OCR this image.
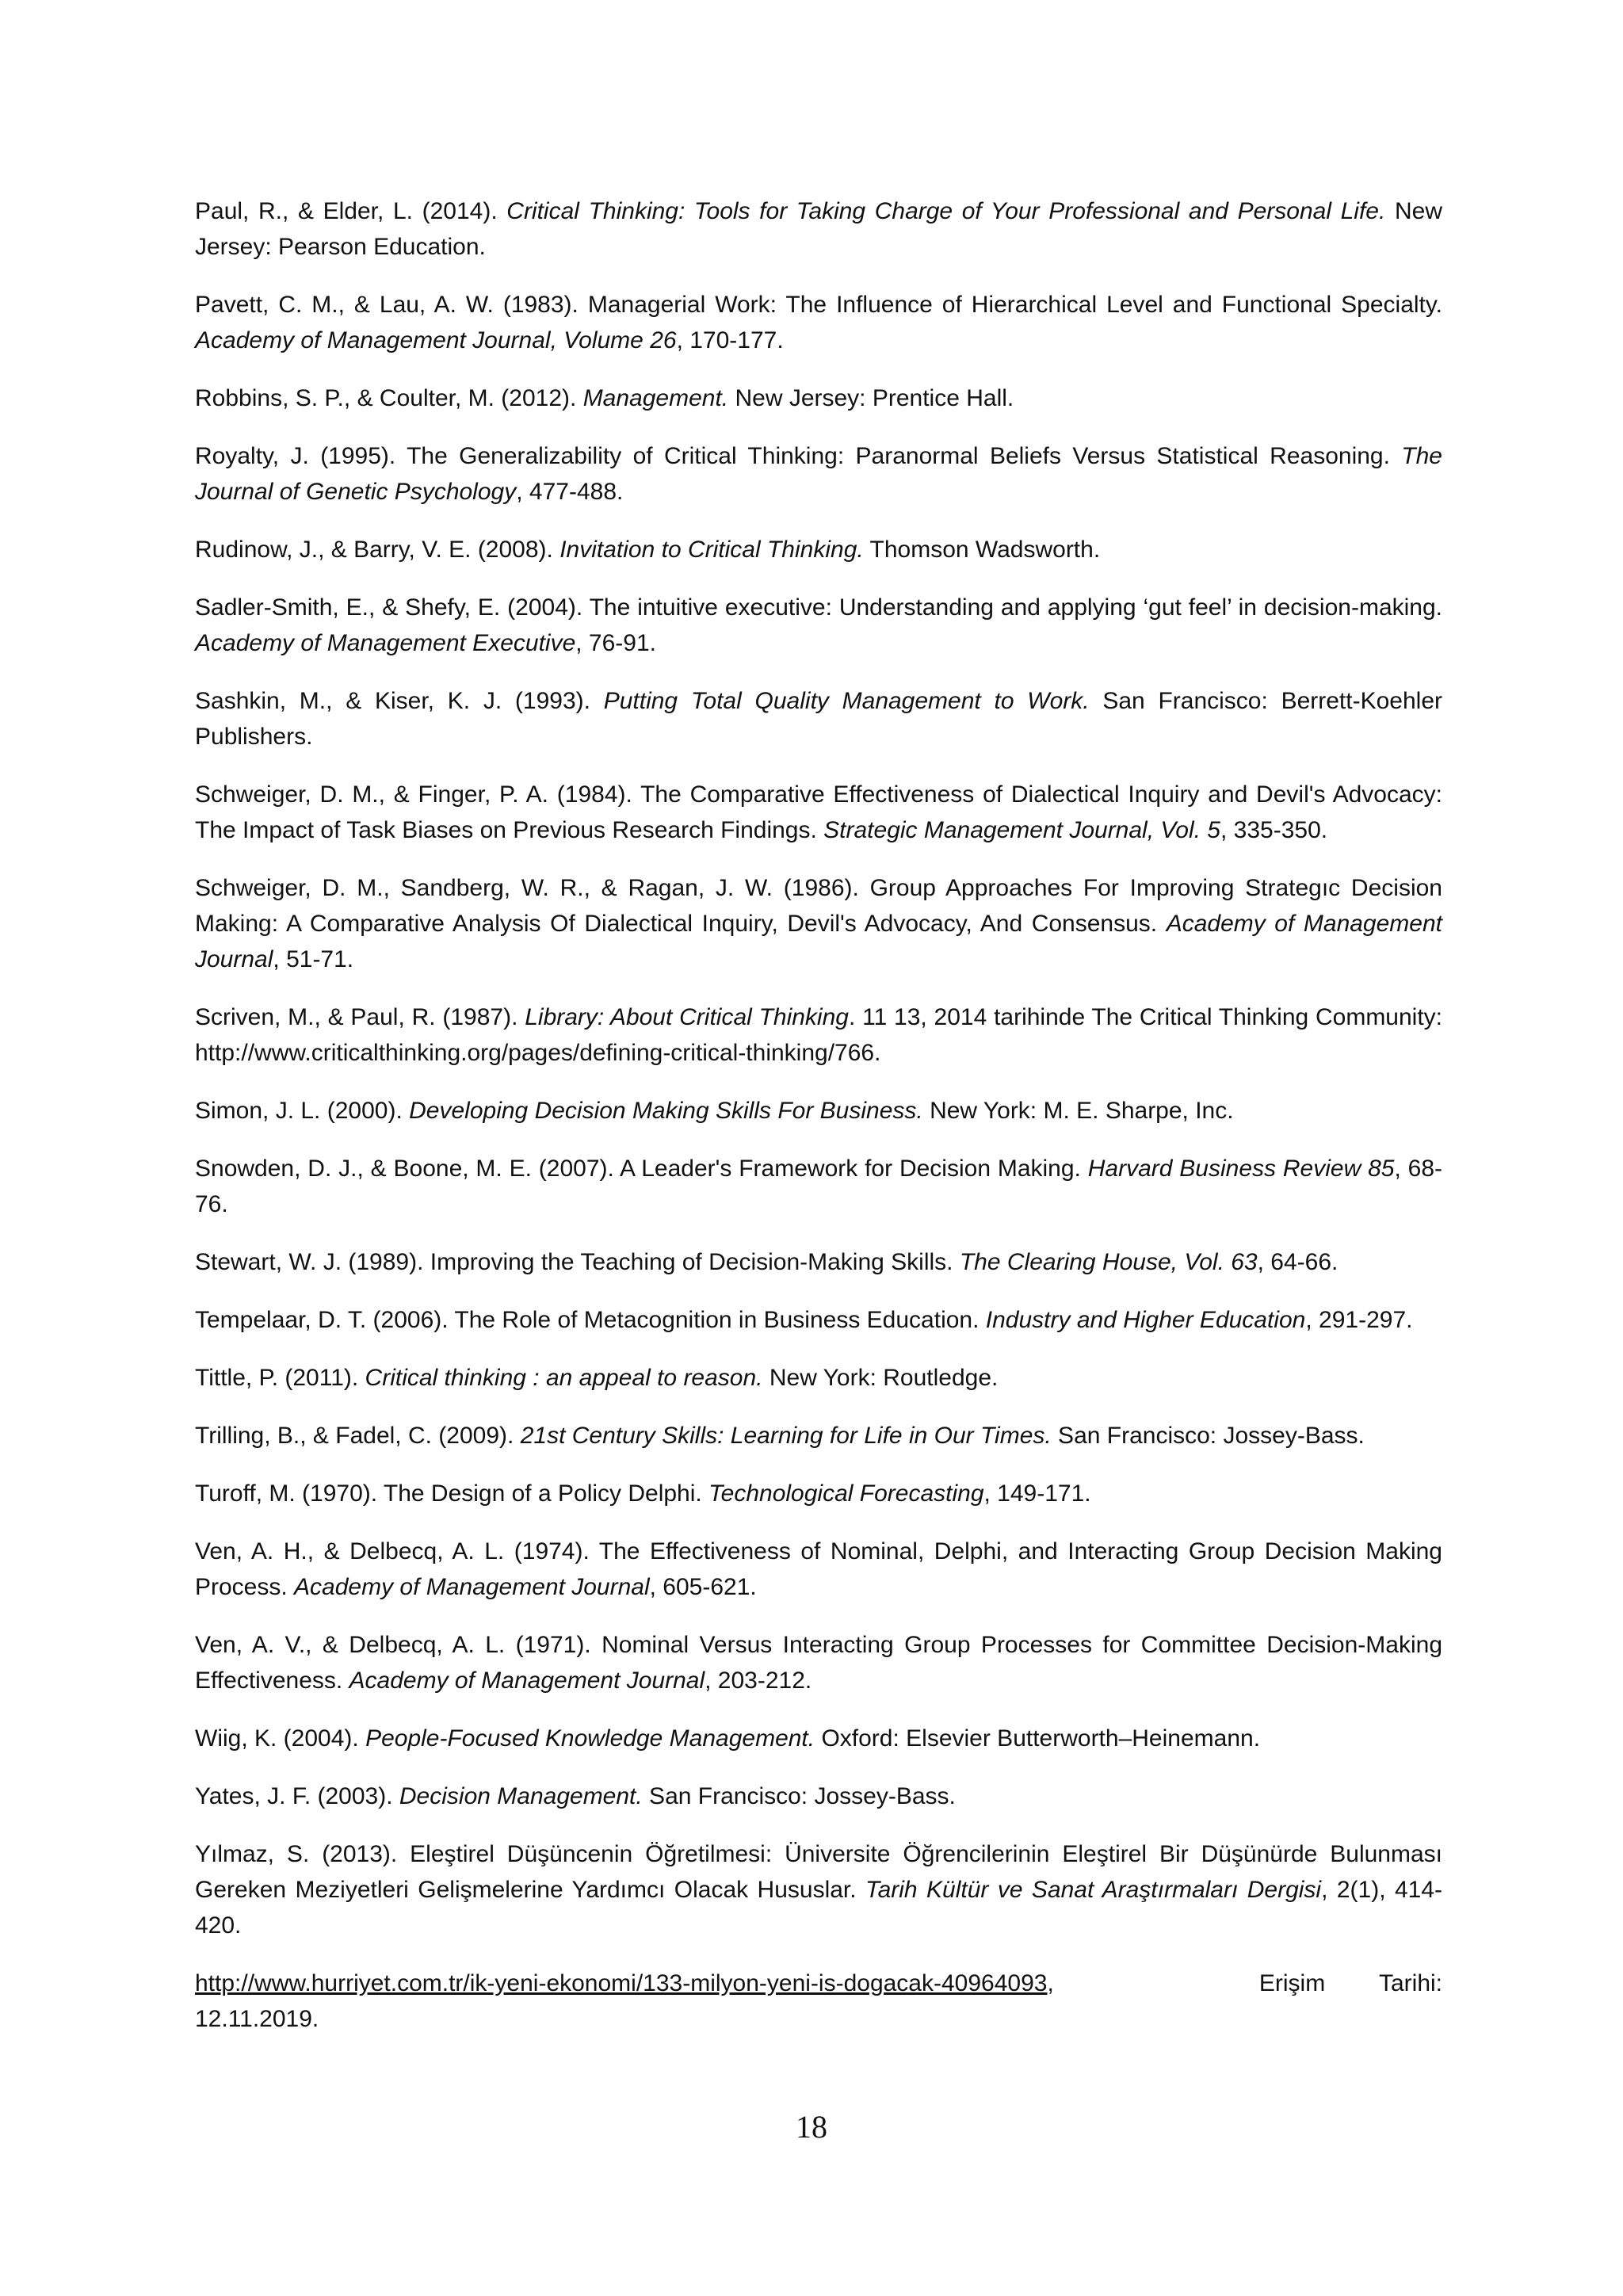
Paul, R., & Elder, L. (2014). Critical Thinking: Tools for Taking Charge of Your Professional and Personal Life. New Jersey: Pearson Education.

Pavett, C. M., & Lau, A. W. (1983). Managerial Work: The Influence of Hierarchical Level and Functional Specialty. Academy of Management Journal, Volume 26, 170-177.

Robbins, S. P., & Coulter, M. (2012). Management. New Jersey: Prentice Hall.

Royalty, J. (1995). The Generalizability of Critical Thinking: Paranormal Beliefs Versus Statistical Reasoning. The Journal of Genetic Psychology, 477-488.

Rudinow, J., & Barry, V. E. (2008). Invitation to Critical Thinking. Thomson Wadsworth.

Sadler-Smith, E., & Shefy, E. (2004). The intuitive executive: Understanding and applying ‘gut feel’ in decision-making. Academy of Management Executive, 76-91.

Sashkin, M., & Kiser, K. J. (1993). Putting Total Quality Management to Work. San Francisco: Berrett-Koehler Publishers.

Schweiger, D. M., & Finger, P. A. (1984). The Comparative Effectiveness of Dialectical Inquiry and Devil's Advocacy: The Impact of Task Biases on Previous Research Findings. Strategic Management Journal, Vol. 5, 335-350.

Schweiger, D. M., Sandberg, W. R., & Ragan, J. W. (1986). Group Approaches For Improving Strategıc Decision Making: A Comparative Analysis Of Dialectical Inquiry, Devil's Advocacy, And Consensus. Academy of Management Journal, 51-71.

Scriven, M., & Paul, R. (1987). Library: About Critical Thinking. 11 13, 2014 tarihinde The Critical Thinking Community: http://www.criticalthinking.org/pages/defining-critical-thinking/766.

Simon, J. L. (2000). Developing Decision Making Skills For Business. New York: M. E. Sharpe, Inc.

Snowden, D. J., & Boone, M. E. (2007). A Leader's Framework for Decision Making. Harvard Business Review 85, 68-76.

Stewart, W. J. (1989). Improving the Teaching of Decision-Making Skills. The Clearing House, Vol. 63, 64-66.

Tempelaar, D. T. (2006). The Role of Metacognition in Business Education. Industry and Higher Education, 291-297.

Tittle, P. (2011). Critical thinking : an appeal to reason. New York: Routledge.

Trilling, B., & Fadel, C. (2009). 21st Century Skills: Learning for Life in Our Times. San Francisco: Jossey-Bass.

Turoff, M. (1970). The Design of a Policy Delphi. Technological Forecasting, 149-171.

Ven, A. H., & Delbecq, A. L. (1974). The Effectiveness of Nominal, Delphi, and Interacting Group Decision Making Process. Academy of Management Journal, 605-621.

Ven, A. V., & Delbecq, A. L. (1971). Nominal Versus Interacting Group Processes for Committee Decision-Making Effectiveness. Academy of Management Journal, 203-212.

Wiig, K. (2004). People-Focused Knowledge Management. Oxford: Elsevier Butterworth–Heinemann.

Yates, J. F. (2003). Decision Management. San Francisco: Jossey-Bass.

Yılmaz, S. (2013). Eleştirel Düşüncenin Öğretilmesi: Üniversite Öğrencilerinin Eleştirel Bir Düşünürde Bulunması Gereken Meziyetleri Gelişmelerine Yardımcı Olacak Hususlar. Tarih Kültür ve Sanat Araştırmaları Dergisi, 2(1), 414-420.

http://www.hurriyet.com.tr/ik-yeni-ekonomi/133-milyon-yeni-is-dogacak-40964093,	Erişim Tarihi:
12.11.2019.
18
